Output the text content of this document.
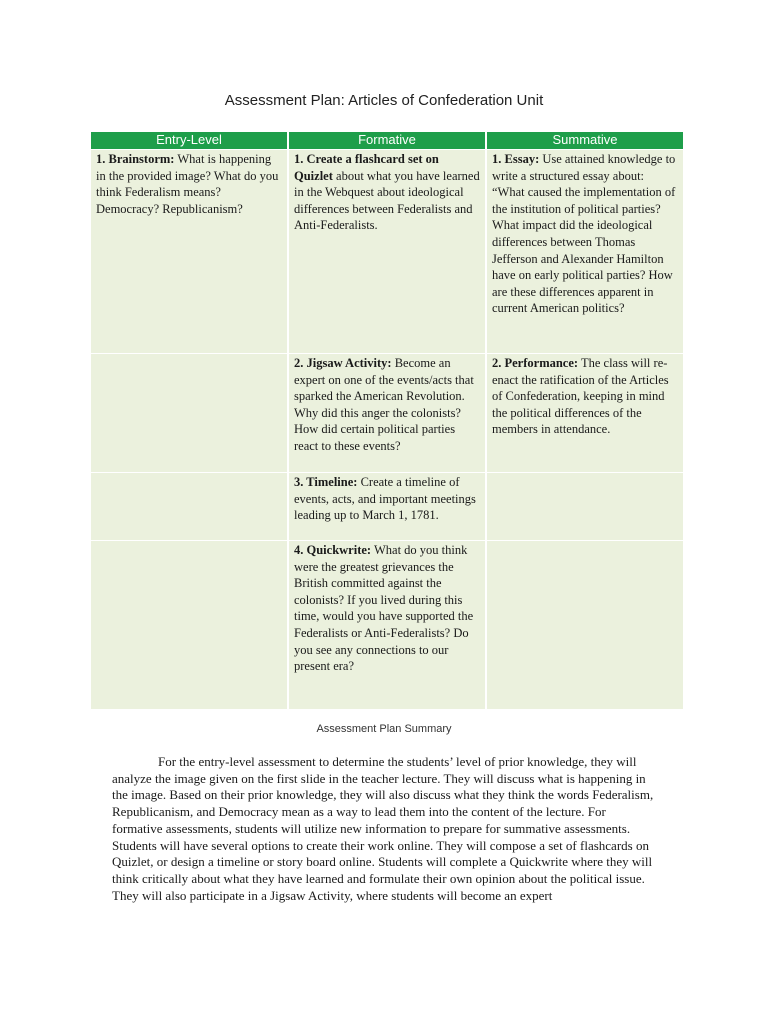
Assessment Plan: Articles of Confederation Unit
Entry-Level	Formative	Summative
1. Brainstorm: What is happening in the provided image? What do you think Federalism means? Democracy? Republicanism?	1. Create a flashcard set on Quizlet about what you have learned in the Webquest about ideological differences between Federalists and Anti-Federalists.	1. Essay: Use attained knowledge to write a structured essay about: “What caused the implementation of the institution of political parties? What impact did the ideological differences between Thomas Jefferson and Alexander Hamilton have on early political parties? How are these differences apparent in current American politics?
	2. Jigsaw Activity: Become an expert on one of the events/acts that sparked the American Revolution. Why did this anger the colonists? How did certain political parties react to these events?	2. Performance: The class will re-enact the ratification of the Articles of Confederation, keeping in mind the political differences of the members in attendance.
	3. Timeline: Create a timeline of events, acts, and important meetings leading up to March 1, 1781.	
	4. Quickwrite: What do you think were the greatest grievances the British committed against the colonists? If you lived during this time, would you have supported the Federalists or Anti-Federalists? Do you see any connections to our present era?	
Assessment Plan Summary

For the entry-level assessment to determine the students’ level of prior knowledge, they will analyze the image given on the first slide in the teacher lecture. They will discuss what is happening in the image. Based on their prior knowledge, they will also discuss what they think the words Federalism, Republicanism, and Democracy mean as a way to lead them into the content of the lecture. For formative assessments, students will utilize new information to prepare for summative assessments. Students will have several options to create their work online. They will compose a set of flashcards on Quizlet, or design a timeline or story board online. Students will complete a Quickwrite where they will think critically about what they have learned and formulate their own opinion about the political issue. They will also participate in a Jigsaw Activity, where students will become an expert
